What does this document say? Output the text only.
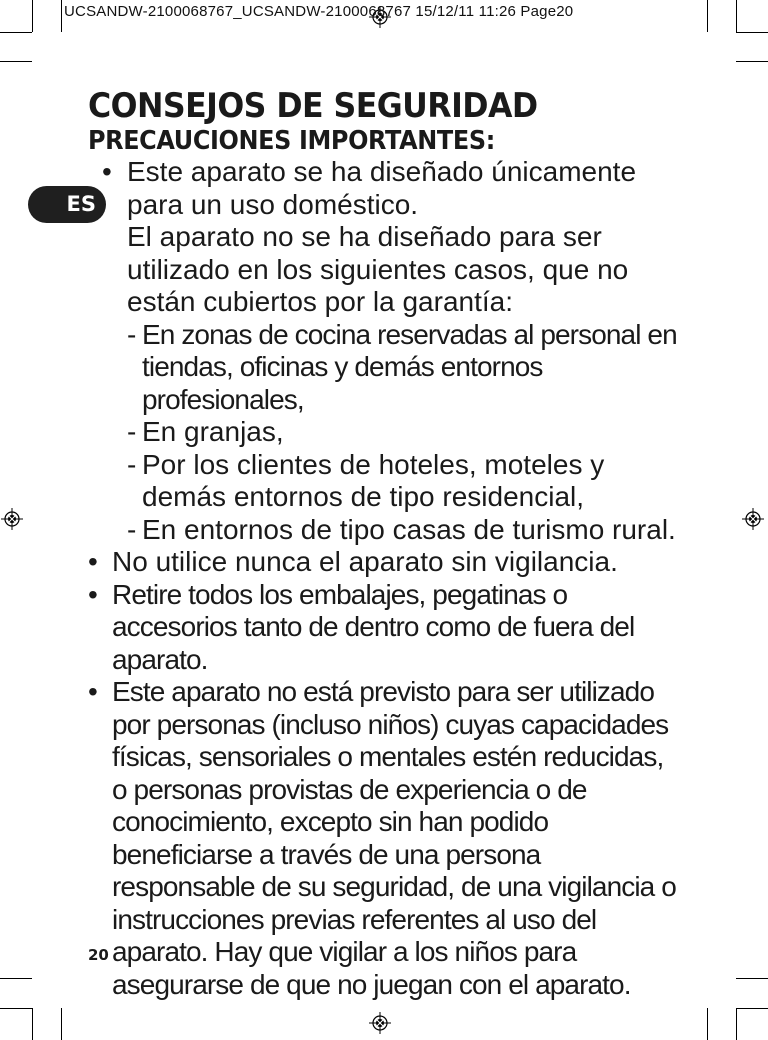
UCSANDW-2100068767_UCSANDW-2100068767 15/12/11 11:26 Page20
ES
CONSEJOS DE SEGURIDAD
PRECAUCIONES IMPORTANTES:
• Este aparato se ha diseñado únicamente para un uso doméstico.

El aparato no se ha diseñado para ser utilizado en los siguientes casos, que no están cubiertos por la garantía:

- En zonas de cocina reservadas al personal en tiendas, oficinas y demás entornos profesionales,
- En granjas,
- Por los clientes de hoteles, moteles y demás entornos de tipo residencial,
- En entornos de tipo casas de turismo rural.
• No utilice nunca el aparato sin vigilancia.
• Retire todos los embalajes, pegatinas o accesorios tanto de dentro como de fuera del aparato.
• Este aparato no está previsto para ser utilizado por personas (incluso niños) cuyas capacidades físicas, sensoriales o mentales estén reducidas, o personas provistas de experiencia o de conocimiento, excepto sin han podido beneficiarse a través de una persona responsable de su seguridad, de una vigilancia o instrucciones previas referentes al uso del aparato. Hay que vigilar a los niños para asegurarse de que no juegan con el aparato.
20
